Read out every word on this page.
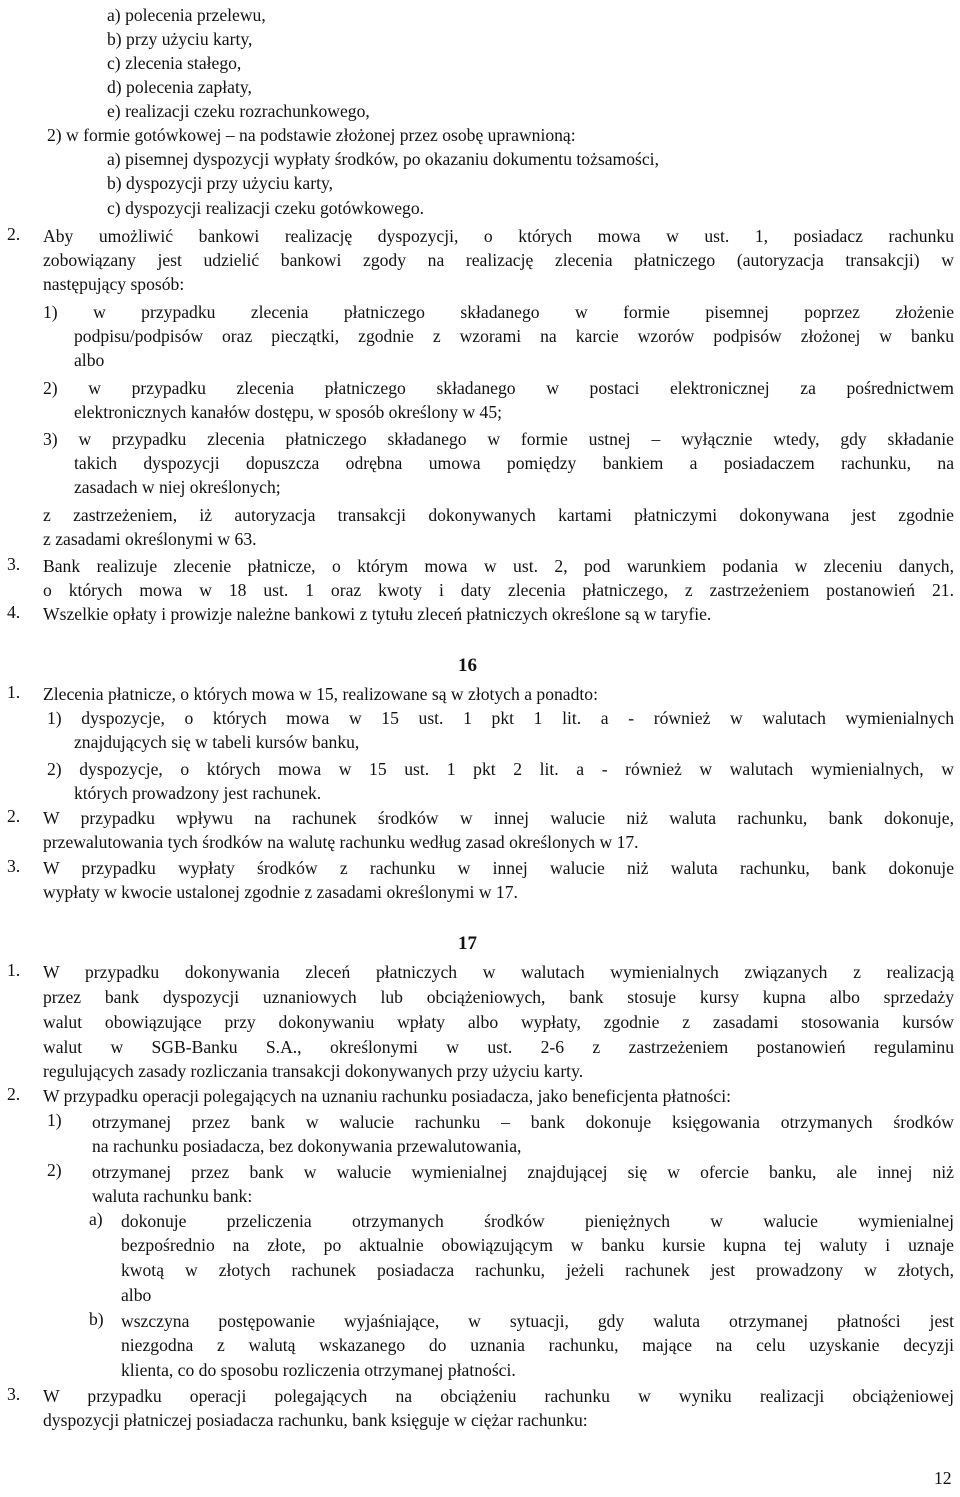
a) polecenia przelewu,
b) przy użyciu karty,
c) zlecenia stałego,
d) polecenia zapłaty,
e) realizacji czeku rozrachunkowego,
2) w formie gotówkowej – na podstawie złożonej przez osobę uprawnioną:
a) pisemnej dyspozycji wypłaty środków, po okazaniu dokumentu tożsamości,
b) dyspozycji przy użyciu karty,
c) dyspozycji realizacji czeku gotówkowego.
2. Aby umożliwić bankowi realizację dyspozycji, o których mowa w ust. 1, posiadacz rachunku
zobowiązany jest udzielić bankowi zgody na realizację zlecenia płatniczego (autoryzacja transakcji) w
następujący sposób:
1) w przypadku zlecenia płatniczego składanego w formie pisemnej poprzez złożenie
podpisu/podpisów oraz pieczątki, zgodnie z wzorami na karcie wzorów podpisów złożonej w banku
albo
2) w przypadku zlecenia płatniczego składanego w postaci elektronicznej za pośrednictwem
elektronicznych kanałów dostępu, w sposób określony w 45;
3) w przypadku zlecenia płatniczego składanego w formie ustnej – wyłącznie wtedy, gdy składanie
takich dyspozycji dopuszcza odrębna umowa pomiędzy bankiem a posiadaczem rachunku, na
zasadach w niej określonych;
z zastrzeżeniem, iż autoryzacja transakcji dokonywanych kartami płatniczymi dokonywana jest zgodnie
z zasadami określonymi w 63.
3. Bank realizuje zlecenie płatnicze, o którym mowa w ust. 2, pod warunkiem podania w zleceniu danych,
o których mowa w 18 ust. 1 oraz kwoty i daty zlecenia płatniczego, z zastrzeżeniem postanowień 21.
4. Wszelkie opłaty i prowizje należne bankowi z tytułu zleceń płatniczych określone są w taryfie.
16
1. Zlecenia płatnicze, o których mowa w 15, realizowane są w złotych a ponadto:
1) dyspozycje, o których mowa w 15 ust. 1 pkt 1 lit. a - również w walutach wymienialnych
znajdujących się w tabeli kursów banku,
2) dyspozycje, o których mowa w 15 ust. 1 pkt 2 lit. a - również w walutach wymienialnych, w
których prowadzony jest rachunek.
2. W przypadku wpływu na rachunek środków w innej walucie niż waluta rachunku, bank dokonuje,
przewalutowania tych środków na walutę rachunku według zasad określonych w 17.
3. W przypadku wypłaty środków z rachunku w innej walucie niż waluta rachunku, bank dokonuje
wypłaty w kwocie ustalonej zgodnie z zasadami określonymi w 17.
17
1. W przypadku dokonywania zleceń płatniczych w walutach wymienialnych związanych z realizacją
przez bank dyspozycji uznaniowych lub obciążeniowych, bank stosuje kursy kupna albo sprzedaży
walut obowiązujące przy dokonywaniu wpłaty albo wypłaty, zgodnie z zasadami stosowania kursów
walut w SGB-Banku S.A., określonymi w ust. 2-6 z zastrzeżeniem postanowień regulaminu
regulujących zasady rozliczania transakcji dokonywanych przy użyciu karty.
2. W przypadku operacji polegających na uznaniu rachunku posiadacza, jako beneficjenta płatności:
1) otrzymanej przez bank w walucie rachunku – bank dokonuje księgowania otrzymanych środków
na rachunku posiadacza, bez dokonywania przewalutowania,
2) otrzymanej przez bank w walucie wymienialnej znajdującej się w ofercie banku, ale innej niż
waluta rachunku bank:
a) dokonuje przeliczenia otrzymanych środków pieniężnych w walucie wymienialnej
bezpośrednio na złote, po aktualnie obowiązującym w banku kursie kupna tej waluty i uznaje
kwotą w złotych rachunek posiadacza rachunku, jeżeli rachunek jest prowadzony w złotych,
albo
b) wszczyna postępowanie wyjaśniające, w sytuacji, gdy waluta otrzymanej płatności jest
niezgodna z walutą wskazanego do uznania rachunku, mające na celu uzyskanie decyzji
klienta, co do sposobu rozliczenia otrzymanej płatności.
3. W przypadku operacji polegających na obciążeniu rachunku w wyniku realizacji obciążeniowej
dyspozycji płatniczej posiadacza rachunku, bank księguje w ciężar rachunku:
12
